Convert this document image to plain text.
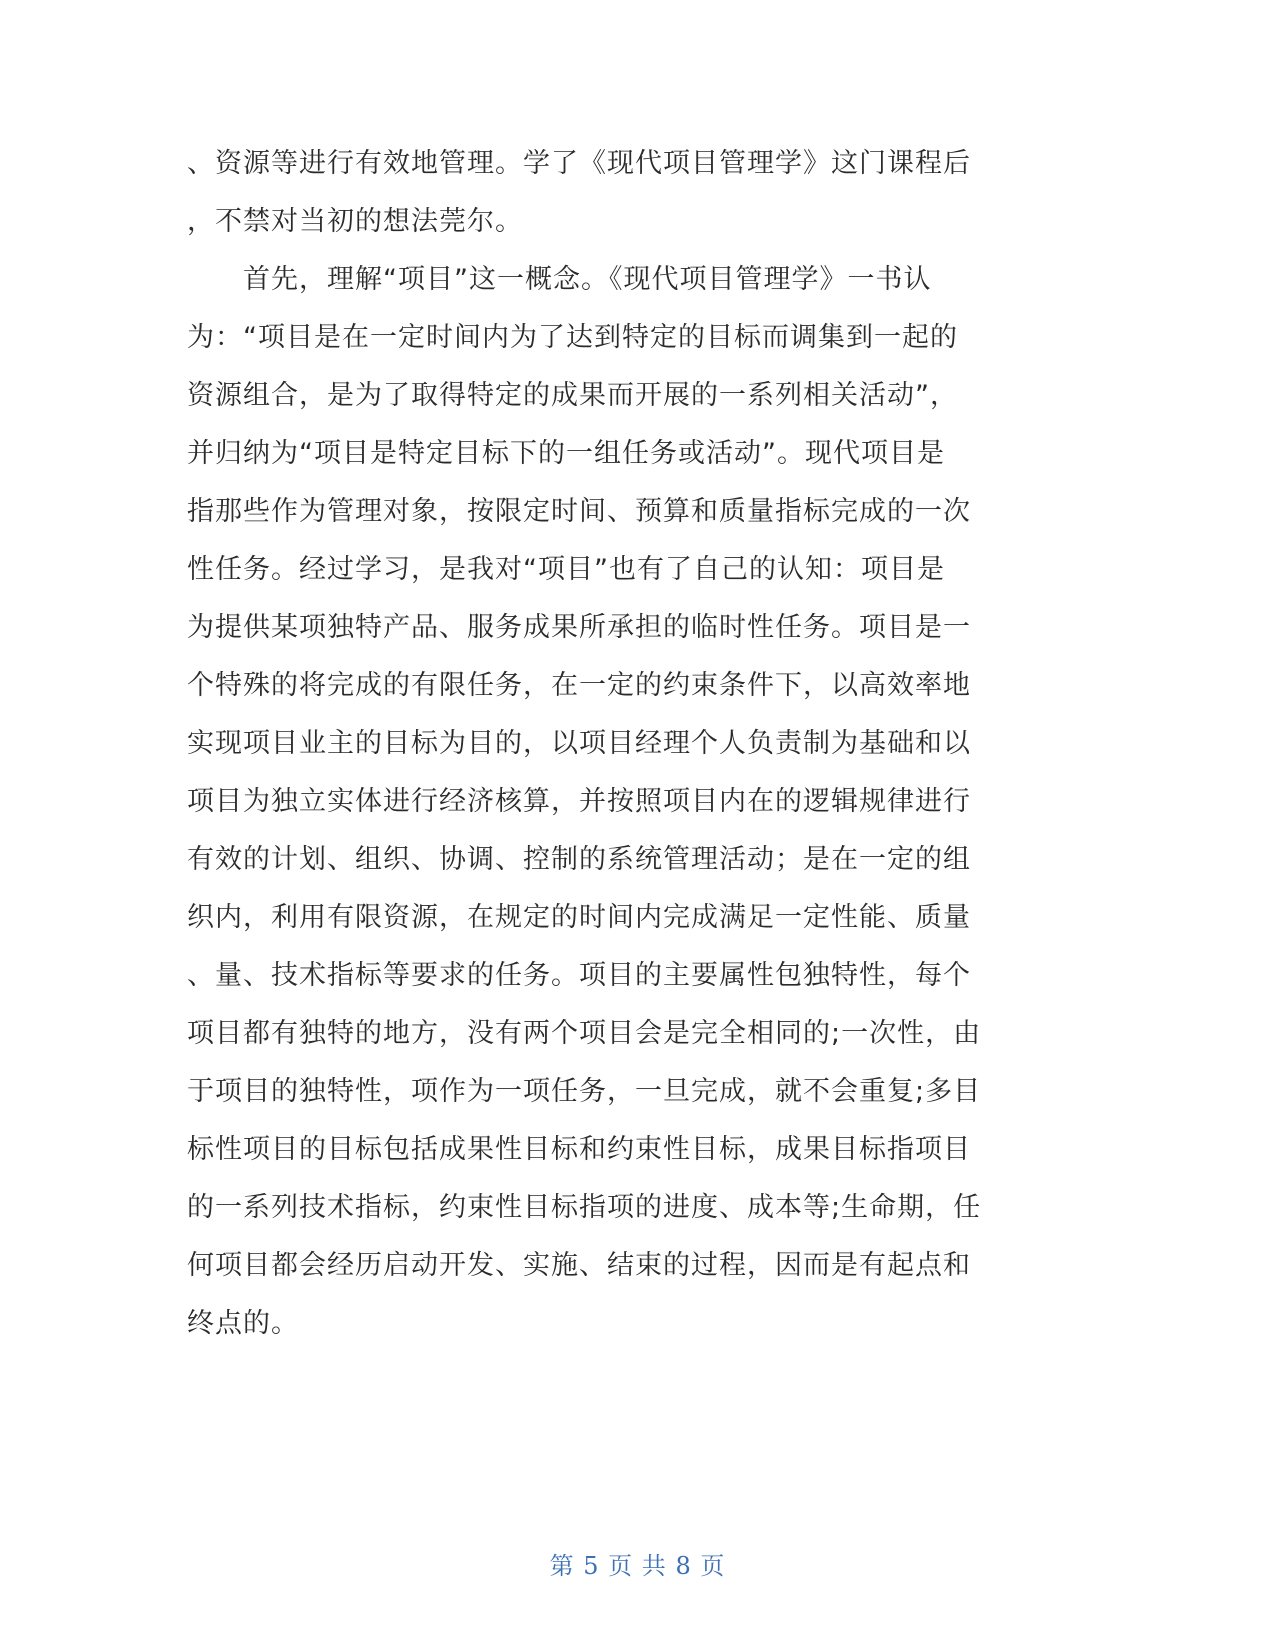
、资源等进行有效地管理。学了《现代项目管理学》这门课程后
，不禁对当初的想法莞尔。
　　首先，理解“项目”这一概念。《现代项目管理学》一书认
为：“项目是在一定时间内为了达到特定的目标而调集到一起的
资源组合，是为了取得特定的成果而开展的一系列相关活动”，
并归纳为“项目是特定目标下的一组任务或活动”。现代项目是
指那些作为管理对象，按限定时间、预算和质量指标完成的一次
性任务。经过学习，是我对“项目”也有了自己的认知：项目是
为提供某项独特产品、服务成果所承担的临时性任务。项目是一
个特殊的将完成的有限任务，在一定的约束条件下，以高效率地
实现项目业主的目标为目的，以项目经理个人负责制为基础和以
项目为独立实体进行经济核算，并按照项目内在的逻辑规律进行
有效的计划、组织、协调、控制的系统管理活动；是在一定的组
织内，利用有限资源，在规定的时间内完成满足一定性能、质量
、量、技术指标等要求的任务。项目的主要属性包独特性，每个
项目都有独特的地方，没有两个项目会是完全相同的;一次性，由
于项目的独特性，项作为一项任务，一旦完成，就不会重复;多目
标性项目的目标包括成果性目标和约束性目标，成果目标指项目
的一系列技术指标，约束性目标指项的进度、成本等;生命期，任
何项目都会经历启动开发、实施、结束的过程，因而是有起点和
终点的。
第 5 页 共 8 页
